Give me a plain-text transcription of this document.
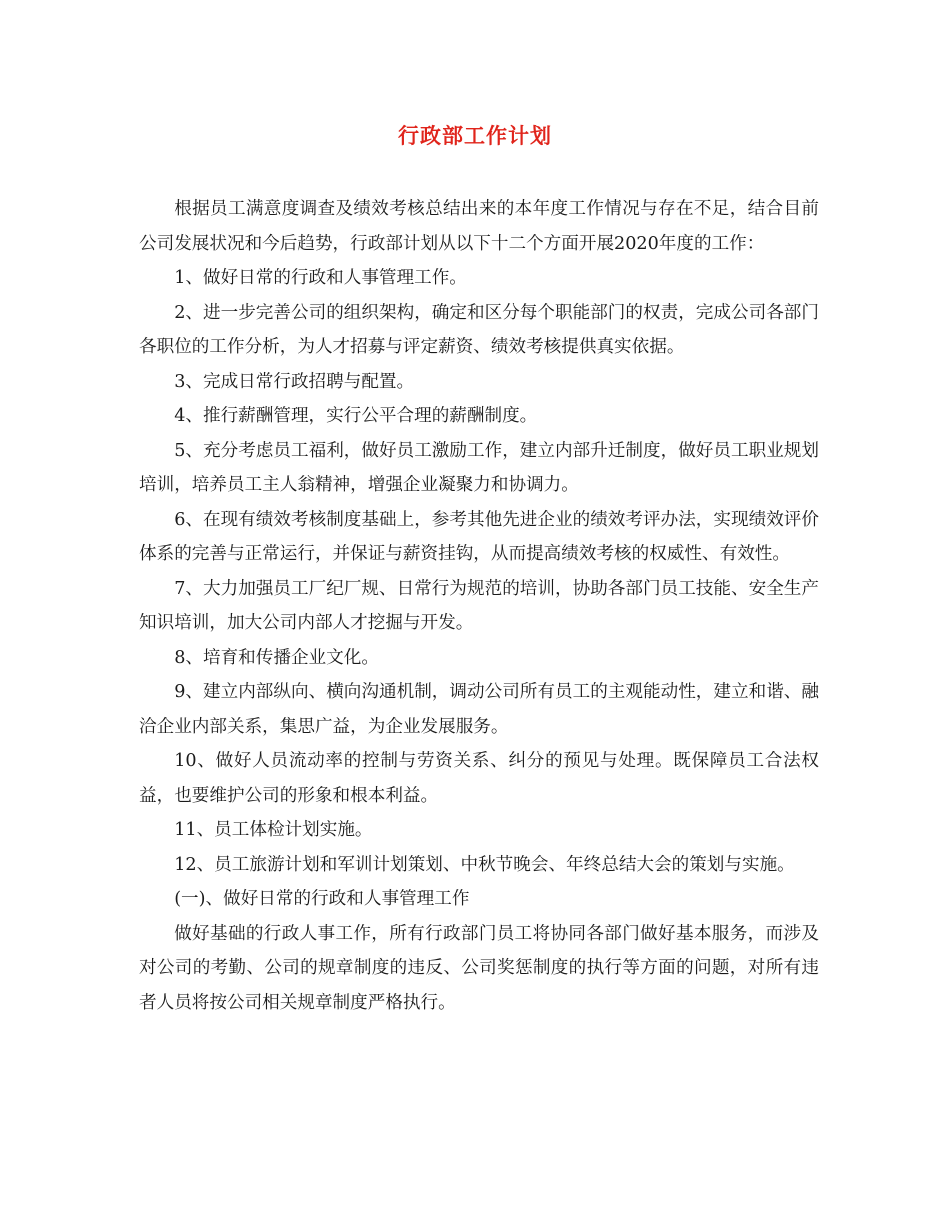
行政部工作计划

根据员工满意度调查及绩效考核总结出来的本年度工作情况与存在不足，结合目前公司发展状况和今后趋势，行政部计划从以下十二个方面开展2020年度的工作：

1、做好日常的行政和人事管理工作。

2、进一步完善公司的组织架构，确定和区分每个职能部门的权责，完成公司各部门各职位的工作分析，为人才招募与评定薪资、绩效考核提供真实依据。

3、完成日常行政招聘与配置。

4、推行薪酬管理，实行公平合理的薪酬制度。

5、充分考虑员工福利，做好员工激励工作，建立内部升迁制度，做好员工职业规划培训，培养员工主人翁精神，增强企业凝聚力和协调力。

6、在现有绩效考核制度基础上，参考其他先进企业的绩效考评办法，实现绩效评价体系的完善与正常运行，并保证与薪资挂钩，从而提高绩效考核的权威性、有效性。

7、大力加强员工厂纪厂规、日常行为规范的培训，协助各部门员工技能、安全生产知识培训，加大公司内部人才挖掘与开发。

8、培育和传播企业文化。

9、建立内部纵向、横向沟通机制，调动公司所有员工的主观能动性，建立和谐、融洽企业内部关系，集思广益，为企业发展服务。

10、做好人员流动率的控制与劳资关系、纠分的预见与处理。既保障员工合法权益，也要维护公司的形象和根本利益。

11、员工体检计划实施。

12、员工旅游计划和军训计划策划、中秋节晚会、年终总结大会的策划与实施。

(一)、做好日常的行政和人事管理工作

做好基础的行政人事工作，所有行政部门员工将协同各部门做好基本服务，而涉及对公司的考勤、公司的规章制度的违反、公司奖惩制度的执行等方面的问题，对所有违者人员将按公司相关规章制度严格执行。
